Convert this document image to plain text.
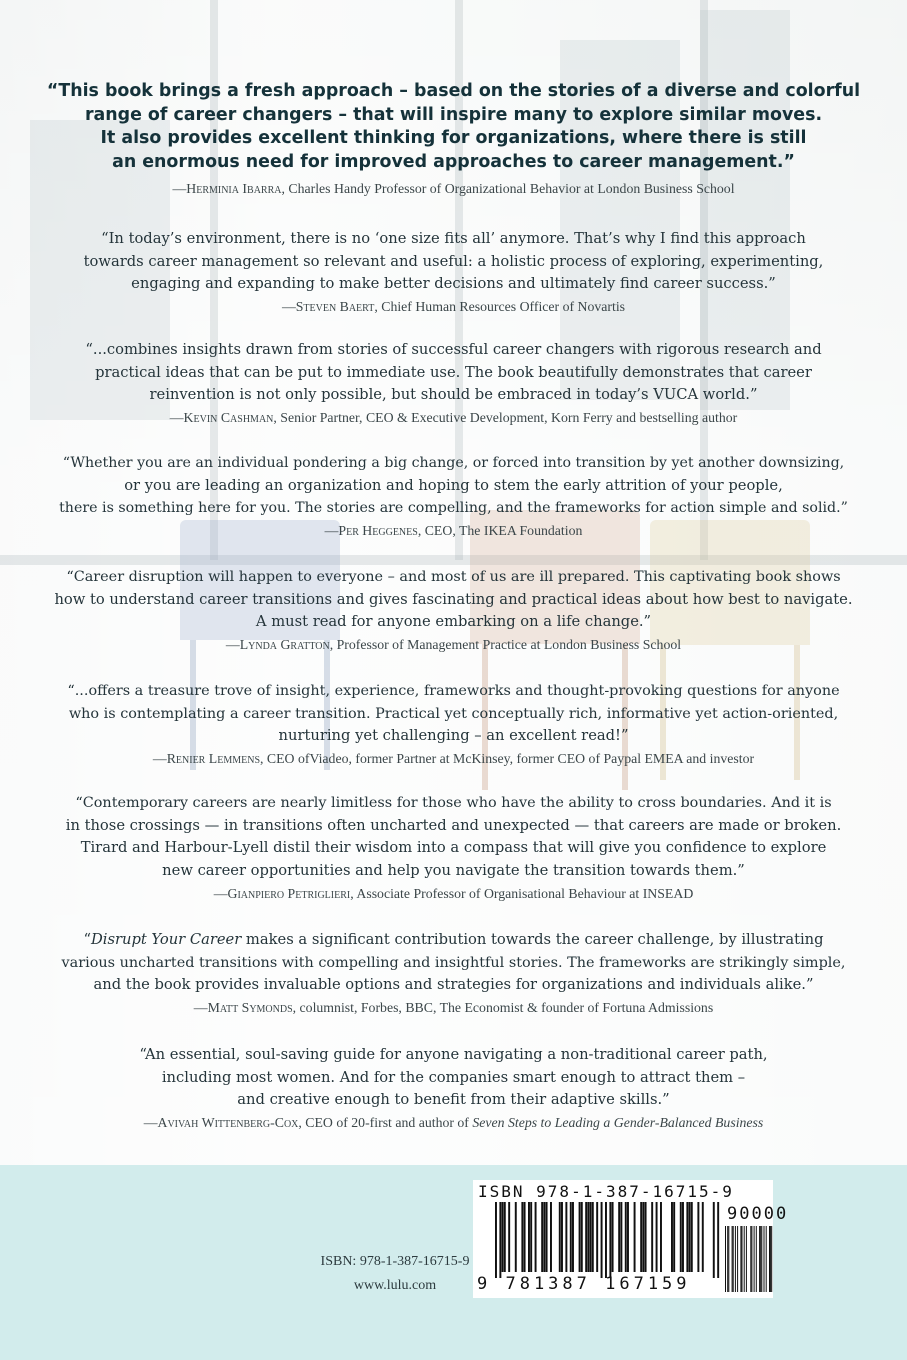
“This book brings a fresh approach – based on the stories of a diverse and colorful
range of career changers – that will inspire many to explore similar moves.
It also provides excellent thinking for organizations, where there is still
an enormous need for improved approaches to career management.”
—Herminia Ibarra, Charles Handy Professor of Organizational Behavior at London Business School
“In today’s environment, there is no ‘one size fits all’ anymore. That’s why I find this approach
towards career management so relevant and useful: a holistic process of exploring, experimenting,
engaging and expanding to make better decisions and ultimately find career success.”
—Steven Baert, Chief Human Resources Officer of Novartis
“...combines insights drawn from stories of successful career changers with rigorous research and
practical ideas that can be put to immediate use. The book beautifully demonstrates that career
reinvention is not only possible, but should be embraced in today’s VUCA world.”
—Kevin Cashman, Senior Partner, CEO & Executive Development, Korn Ferry and bestselling author
“Whether you are an individual pondering a big change, or forced into transition by yet another downsizing,
or you are leading an organization and hoping to stem the early attrition of your people,
there is something here for you. The stories are compelling, and the frameworks for action simple and solid.”
—Per Heggenes, CEO, The IKEA Foundation
“Career disruption will happen to everyone – and most of us are ill prepared. This captivating book shows
how to understand career transitions and gives fascinating and practical ideas about how best to navigate.
A must read for anyone embarking on a life change.”
—Lynda Gratton, Professor of Management Practice at London Business School
“...offers a treasure trove of insight, experience, frameworks and thought-provoking questions for anyone
who is contemplating a career transition. Practical yet conceptually rich, informative yet action-oriented,
nurturing yet challenging – an excellent read!”
—Renier Lemmens, CEO ofViadeo, former Partner at McKinsey, former CEO of Paypal EMEA and investor
“Contemporary careers are nearly limitless for those who have the ability to cross boundaries. And it is
in those crossings — in transitions often uncharted and unexpected — that careers are made or broken.
Tirard and Harbour-Lyell distil their wisdom into a compass that will give you confidence to explore
new career opportunities and help you navigate the transition towards them.”
—Gianpiero Petriglieri, Associate Professor of Organisational Behaviour at INSEAD
“Disrupt Your Career makes a significant contribution towards the career challenge, by illustrating
various uncharted transitions with compelling and insightful stories. The frameworks are strikingly simple,
and the book provides invaluable options and strategies for organizations and individuals alike.”
—Matt Symonds, columnist, Forbes, BBC, The Economist & founder of Fortuna Admissions
“An essential, soul-saving guide for anyone navigating a non-traditional career path,
including most women. And for the companies smart enough to attract them –
and creative enough to benefit from their adaptive skills.”
—Avivah Wittenberg-Cox, CEO of 20-first and author of Seven Steps to Leading a Gender-Balanced Business
ISBN: 978-1-387-16715-9
www.lulu.com
ISBN 978-1-387-16715-9
90000
9 781387 167159
